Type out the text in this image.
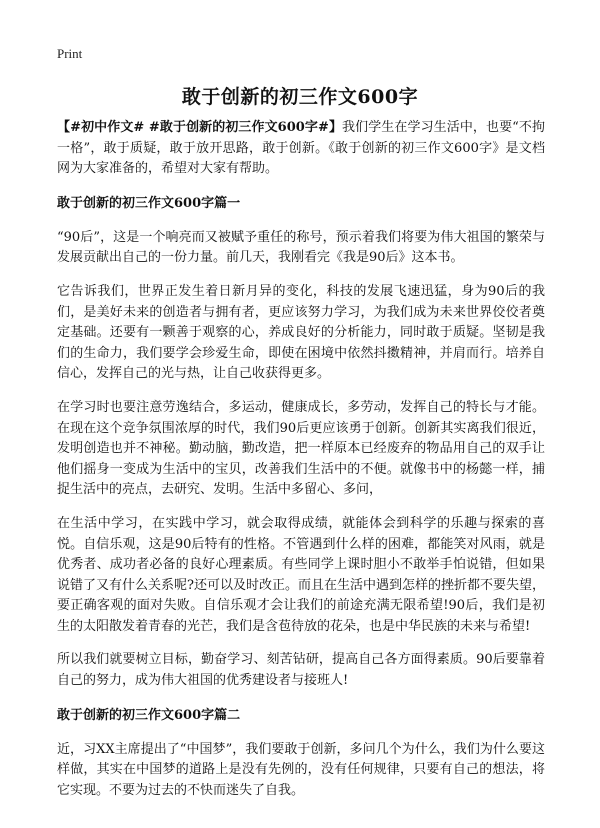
Print
敢于创新的初三作文600字

【#初中作文# #敢于创新的初三作文600字#】我们学生在学习生活中，也要“不拘一格”，敢于质疑，敢于放开思路，敢于创新。《敢于创新的初三作文600字》是文档网为大家准备的，希望对大家有帮助。

敢于创新的初三作文600字篇一

“90后”，这是一个响亮而又被赋予重任的称号，预示着我们将要为伟大祖国的繁荣与发展贡献出自己的一份力量。前几天，我刚看完《我是90后》这本书。

它告诉我们，世界正发生着日新月异的变化，科技的发展飞速迅猛，身为90后的我们，是美好未来的创造者与拥有者，更应该努力学习，为我们成为未来世界佼佼者奠定基础。还要有一颗善于观察的心，养成良好的分析能力，同时敢于质疑。坚韧是我们的生命力，我们要学会珍爱生命，即使在困境中依然抖擞精神，并肩而行。培养自信心，发挥自己的光与热，让自己收获得更多。

在学习时也要注意劳逸结合，多运动，健康成长，多劳动，发挥自己的特长与才能。在现在这个竞争氛围浓厚的时代，我们90后更应该勇于创新。创新其实离我们很近，发明创造也并不神秘。勤动脑，勤改造，把一样原本已经废弃的物品用自己的双手让他们摇身一变成为生活中的宝贝，改善我们生活中的不便。就像书中的杨懿一样，捕捉生活中的亮点，去研究、发明。生活中多留心、多问，

在生活中学习，在实践中学习，就会取得成绩，就能体会到科学的乐趣与探索的喜悦。自信乐观，这是90后特有的性格。不管遇到什么样的困难，都能笑对风雨，就是优秀者、成功者必备的良好心理素质。有些同学上课时胆小不敢举手怕说错，但如果说错了又有什么关系呢?还可以及时改正。而且在生活中遇到怎样的挫折都不要失望，要正确客观的面对失败。自信乐观才会让我们的前途充满无限希望!90后，我们是初生的太阳散发着青春的光芒，我们是含苞待放的花朵，也是中华民族的未来与希望!

所以我们就要树立目标，勤奋学习、刻苦钻研，提高自己各方面得素质。90后要靠着自己的努力，成为伟大祖国的优秀建设者与接班人!

敢于创新的初三作文600字篇二

近，习XX主席提出了“中国梦”，我们要敢于创新，多问几个为什么，我们为什么要这样做，其实在中国梦的道路上是没有先例的，没有任何规律，只要有自己的想法，将它实现。不要为过去的不快而迷失了自我。
